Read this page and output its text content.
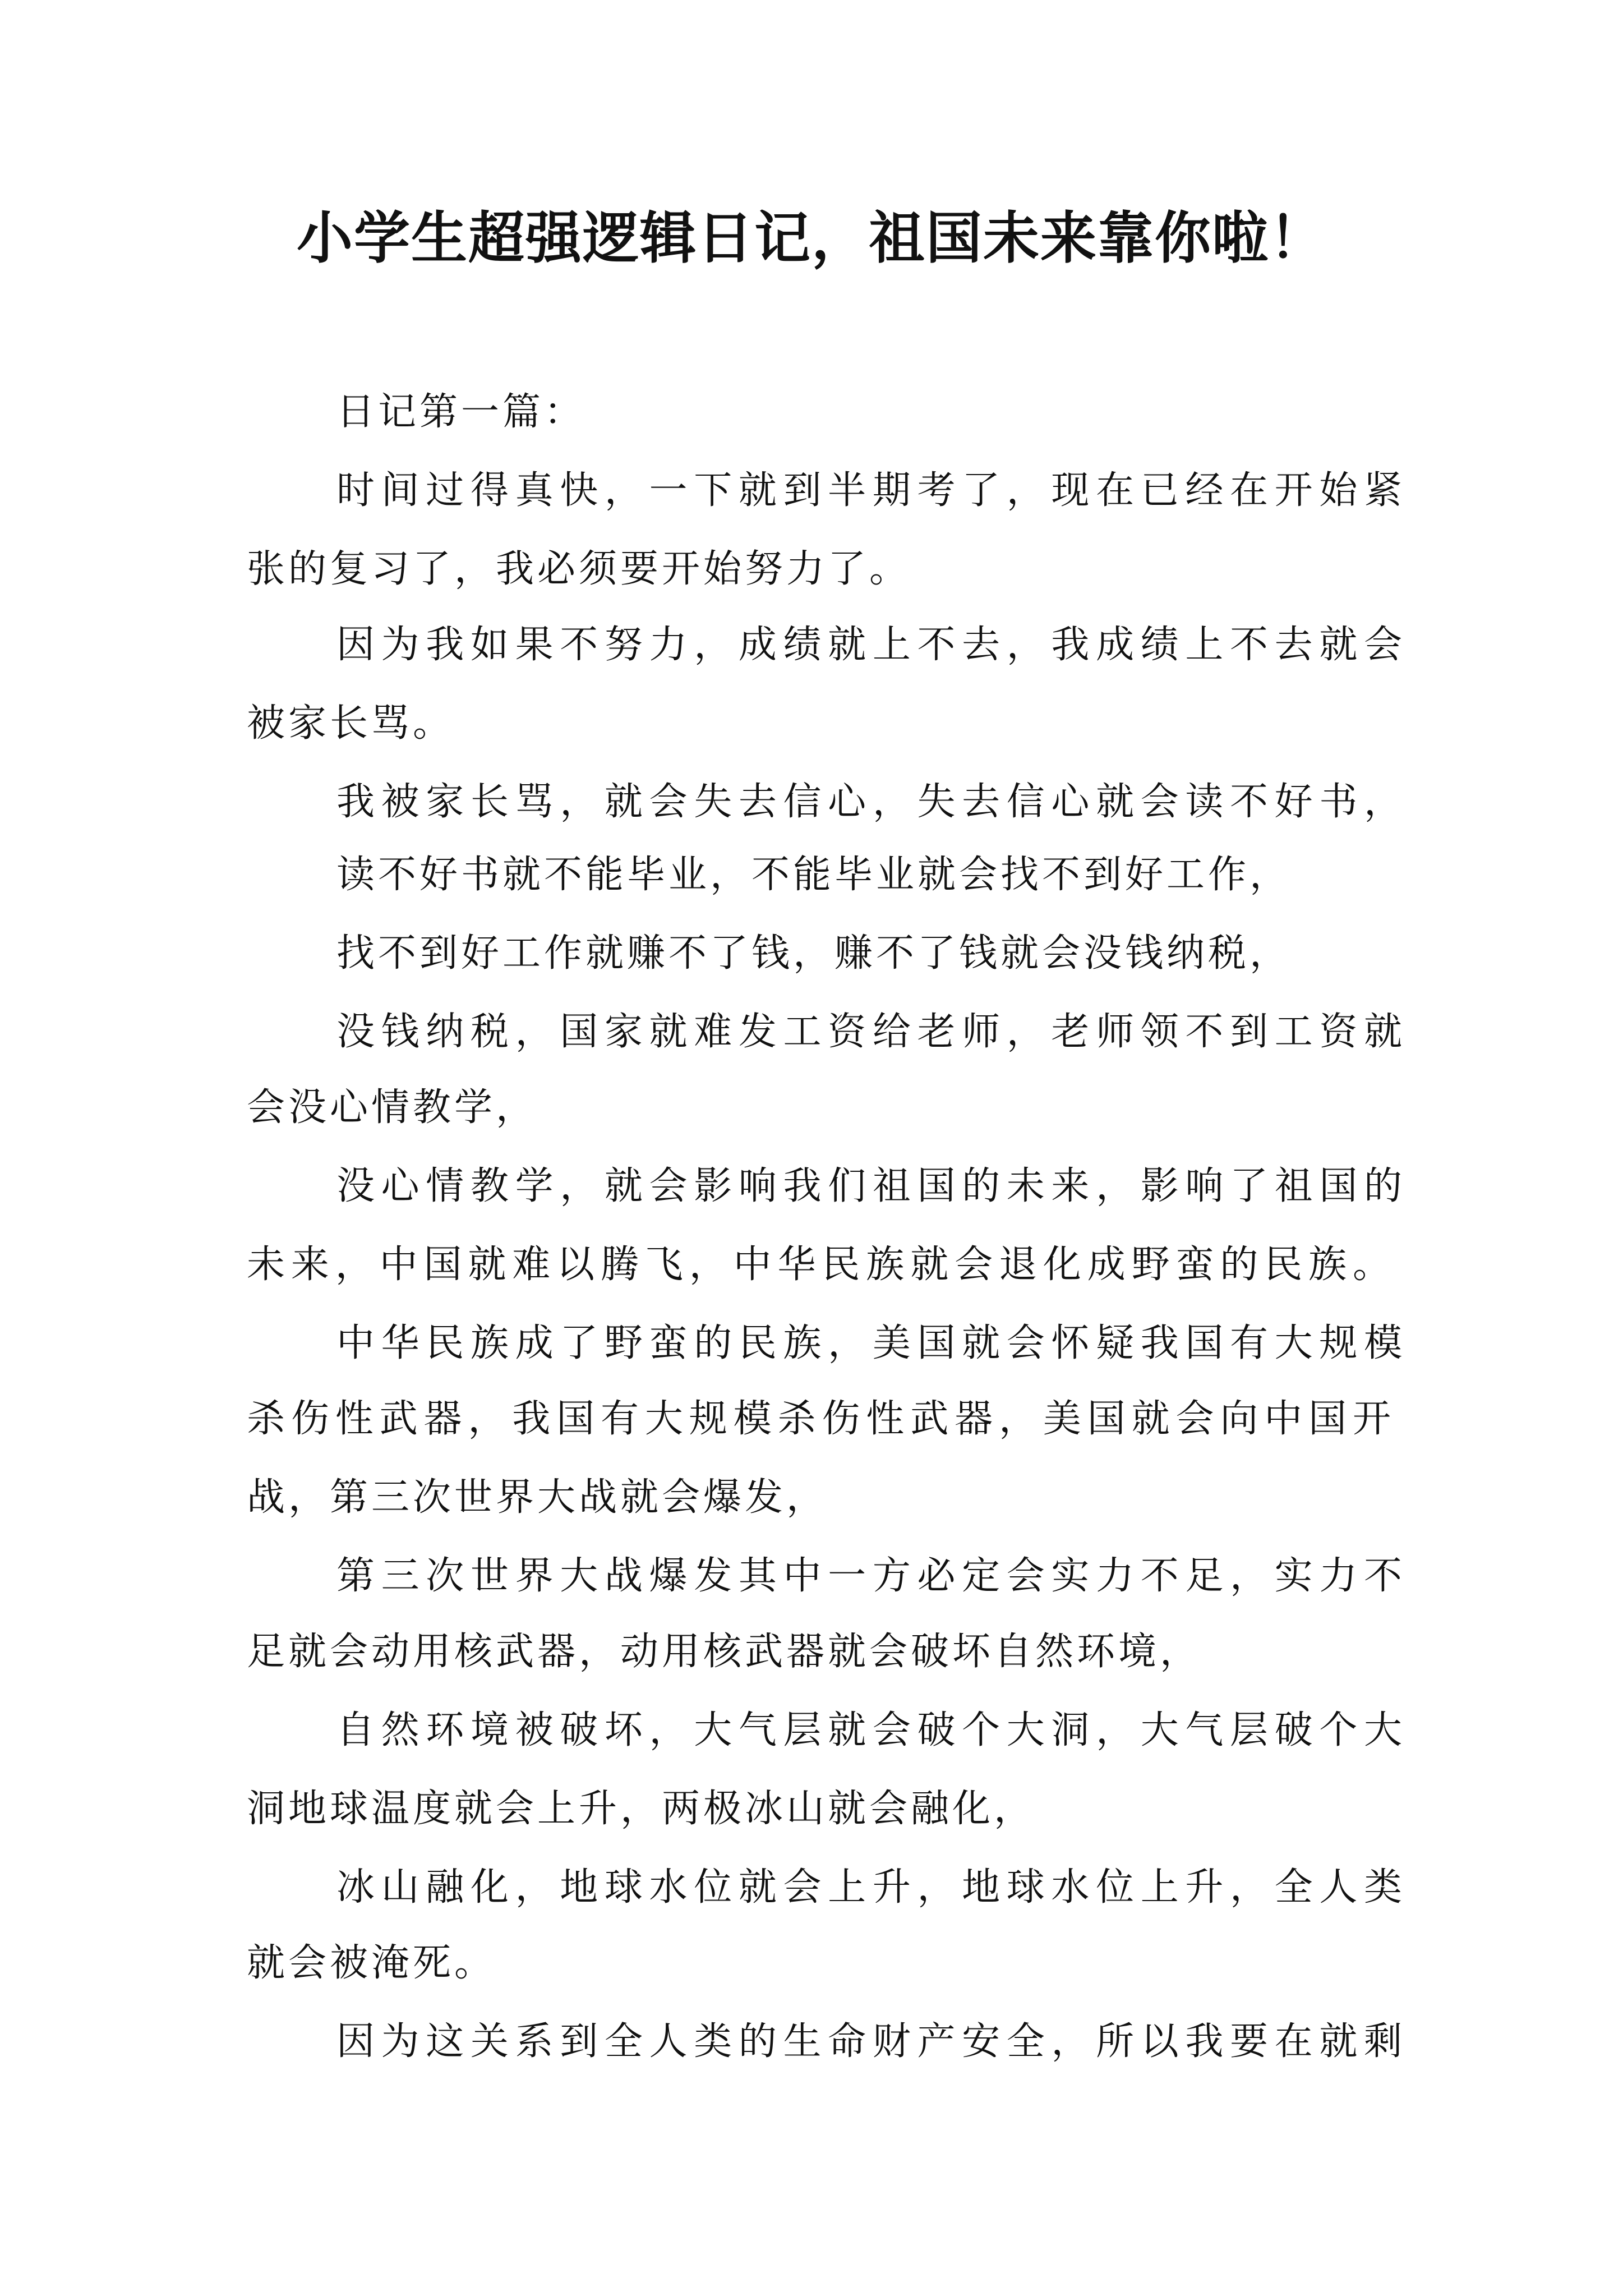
小学生超强逻辑日记，祖国未来靠你啦！
日记第一篇：
时间过得真快，一下就到半期考了，现在已经在开始紧
张的复习了，我必须要开始努力了。
因为我如果不努力，成绩就上不去，我成绩上不去就会
被家长骂。
我被家长骂，就会失去信心，失去信心就会读不好书，
读不好书就不能毕业，不能毕业就会找不到好工作，
找不到好工作就赚不了钱，赚不了钱就会没钱纳税，
没钱纳税，国家就难发工资给老师，老师领不到工资就
会没心情教学，
没心情教学，就会影响我们祖国的未来，影响了祖国的
未来，中国就难以腾飞，中华民族就会退化成野蛮的民族。
中华民族成了野蛮的民族，美国就会怀疑我国有大规模
杀伤性武器，我国有大规模杀伤性武器，美国就会向中国开
战，第三次世界大战就会爆发，
第三次世界大战爆发其中一方必定会实力不足，实力不
足就会动用核武器，动用核武器就会破坏自然环境，
自然环境被破坏，大气层就会破个大洞，大气层破个大
洞地球温度就会上升，两极冰山就会融化，
冰山融化，地球水位就会上升，地球水位上升，全人类
就会被淹死。
因为这关系到全人类的生命财产安全，所以我要在就剩
